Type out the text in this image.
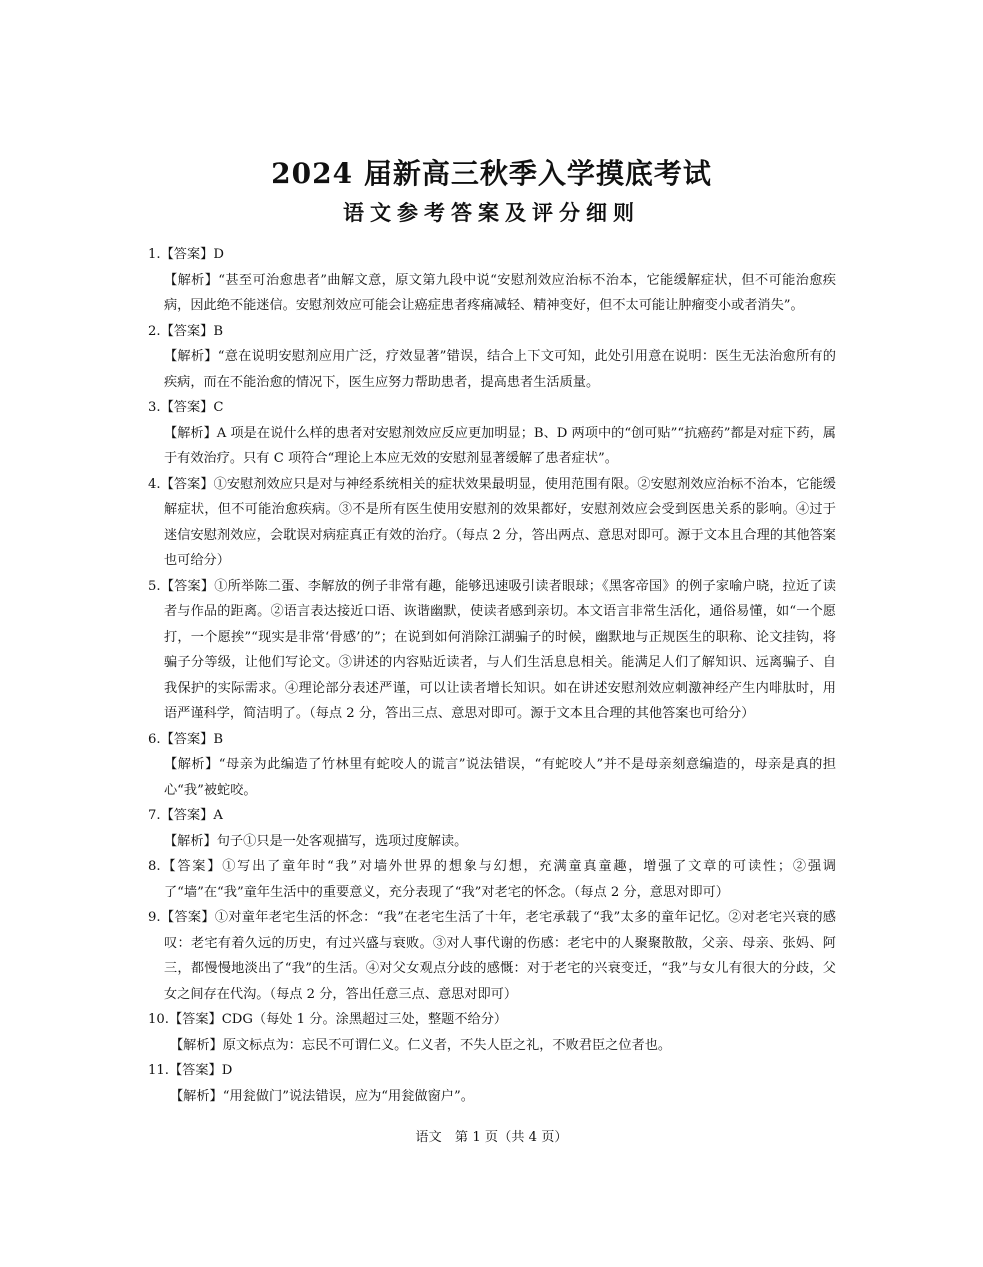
2024 届新高三秋季入学摸底考试
语文参考答案及评分细则

1.【答案】D

【解析】“甚至可治愈患者”曲解文意，原文第九段中说“安慰剂效应治标不治本，它能缓解症状，但不可能治愈疾病，因此绝不能迷信。安慰剂效应可能会让癌症患者疼痛减轻、精神变好，但不太可能让肿瘤变小或者消失”。

2.【答案】B

【解析】“意在说明安慰剂应用广泛，疗效显著”错误，结合上下文可知，此处引用意在说明：医生无法治愈所有的疾病，而在不能治愈的情况下，医生应努力帮助患者，提高患者生活质量。

3.【答案】C

【解析】A 项是在说什么样的患者对安慰剂效应反应更加明显；B、D 两项中的“创可贴”“抗癌药”都是对症下药，属于有效治疗。只有 C 项符合“理论上本应无效的安慰剂显著缓解了患者症状”。

4.【答案】①安慰剂效应只是对与神经系统相关的症状效果最明显，使用范围有限。②安慰剂效应治标不治本，它能缓解症状，但不可能治愈疾病。③不是所有医生使用安慰剂的效果都好，安慰剂效应会受到医患关系的影响。④过于迷信安慰剂效应，会耽误对病症真正有效的治疗。（每点 2 分，答出两点、意思对即可。源于文本且合理的其他答案也可给分）

5.【答案】①所举陈二蛋、李解放的例子非常有趣，能够迅速吸引读者眼球；《黑客帝国》的例子家喻户晓，拉近了读者与作品的距离。②语言表达接近口语、诙谐幽默，使读者感到亲切。本文语言非常生活化，通俗易懂，如“一个愿打，一个愿挨”“现实是非常‘骨感’的”；在说到如何消除江湖骗子的时候，幽默地与正规医生的职称、论文挂钩，将骗子分等级，让他们写论文。③讲述的内容贴近读者，与人们生活息息相关。能满足人们了解知识、远离骗子、自我保护的实际需求。④理论部分表述严谨，可以让读者增长知识。如在讲述安慰剂效应刺激神经产生内啡肽时，用语严谨科学，简洁明了。（每点 2 分，答出三点、意思对即可。源于文本且合理的其他答案也可给分）

6.【答案】B

【解析】“母亲为此编造了竹林里有蛇咬人的谎言”说法错误，“有蛇咬人”并不是母亲刻意编造的，母亲是真的担心“我”被蛇咬。

7.【答案】A

【解析】句子①只是一处客观描写，选项过度解读。

8.【答案】①写出了童年时“我”对墙外世界的想象与幻想，充满童真童趣，增强了文章的可读性；②强调了“墙”在“我”童年生活中的重要意义，充分表现了“我”对老宅的怀念。（每点 2 分，意思对即可）

9.【答案】①对童年老宅生活的怀念：“我”在老宅生活了十年，老宅承载了“我”太多的童年记忆。②对老宅兴衰的感叹：老宅有着久远的历史，有过兴盛与衰败。③对人事代谢的伤感：老宅中的人聚聚散散，父亲、母亲、张妈、阿三，都慢慢地淡出了“我”的生活。④对父女观点分歧的感慨：对于老宅的兴衰变迁，“我”与女儿有很大的分歧，父女之间存在代沟。（每点 2 分，答出任意三点、意思对即可）

10.【答案】CDG（每处 1 分。涂黑超过三处，整题不给分）

【解析】原文标点为：忘民不可谓仁义。仁义者，不失人臣之礼，不败君臣之位者也。

11.【答案】D

【解析】“用瓮做门”说法错误，应为“用瓮做窗户”。

语文　第 1 页（共 4 页）
